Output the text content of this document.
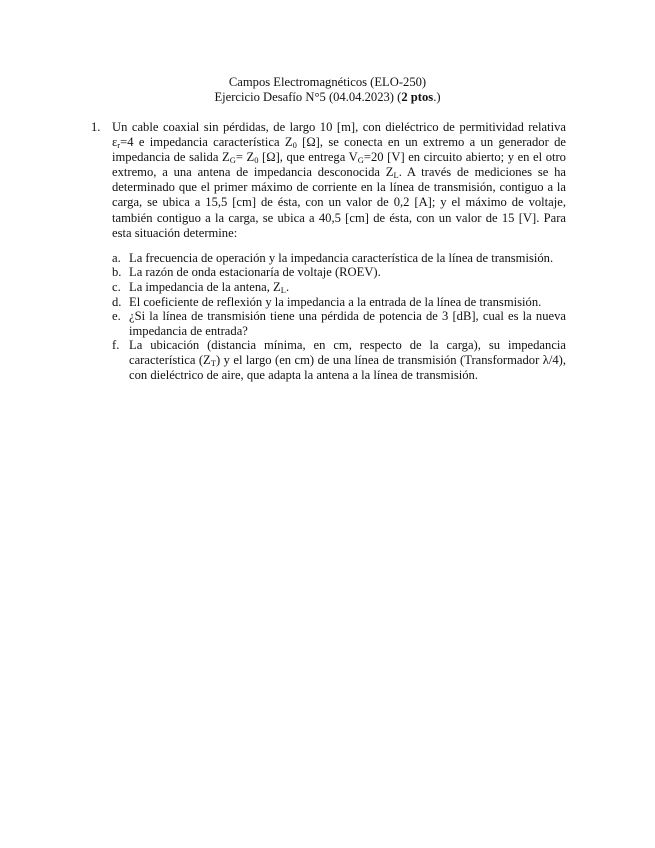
Campos Electromagnéticos (ELO-250)
Ejercicio Desafío N°5 (04.04.2023) (2 ptos.)
1. Un cable coaxial sin pérdidas, de largo 10 [m], con dieléctrico de permitividad relativa $\varepsilon_r=4$ e impedancia característica $Z_0$ [Ω], se conecta en un extremo a un generador de impedancia de salida $Z_G= Z_0$ [Ω], que entrega $V_G=20$ [V] en circuito abierto; y en el otro extremo, a una antena de impedancia desconocida $Z_L$. A través de mediciones se ha determinado que el primer máximo de corriente en la línea de transmisión, contiguo a la carga, se ubica a 15,5 [cm] de ésta, con un valor de 0,2 [A]; y el máximo de voltaje, también contiguo a la carga, se ubica a 40,5 [cm] de ésta, con un valor de 15 [V]. Para esta situación determine:
a. La frecuencia de operación y la impedancia característica de la línea de transmisión.
b. La razón de onda estacionaría de voltaje (ROEV).
c. La impedancia de la antena, $Z_L$.
d. El coeficiente de reflexión y la impedancia a la entrada de la línea de transmisión.
e. ¿Si la línea de transmisión tiene una pérdida de potencia de 3 [dB], cual es la nueva impedancia de entrada?
f. La ubicación (distancia mínima, en cm, respecto de la carga), su impedancia característica $(Z_T)$ y el largo (en cm) de una línea de transmisión (Transformador λ/4), con dieléctrico de aire, que adapta la antena a la línea de transmisión.
